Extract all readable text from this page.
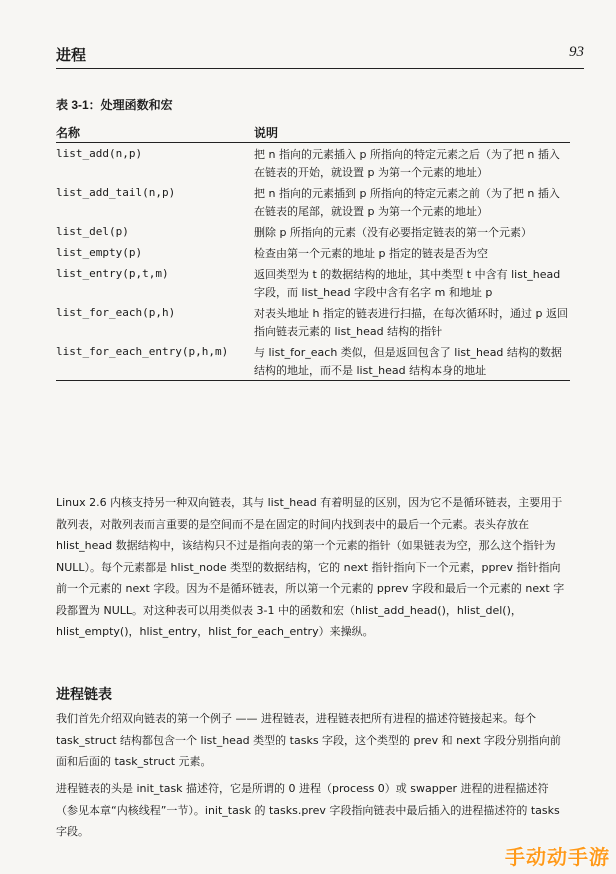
进程	93
表 3-1：处理函数和宏
名称	说明
list_add(n,p)	把 n 指向的元素插入 p 所指向的特定元素之后（为了把 n 插入在链表的开始，就设置 p 为第一个元素的地址）
list_add_tail(n,p)	把 n 指向的元素插到 p 所指向的特定元素之前（为了把 n 插入在链表的尾部，就设置 p 为第一个元素的地址）
list_del(p)	删除 p 所指向的元素（没有必要指定链表的第一个元素）
list_empty(p)	检查由第一个元素的地址 p 指定的链表是否为空
list_entry(p,t,m)	返回类型为 t 的数据结构的地址，其中类型 t 中含有 list_head 字段，而 list_head 字段中含有名字 m 和地址 p
list_for_each(p,h)	对表头地址 h 指定的链表进行扫描，在每次循环时，通过 p 返回指向链表元素的 list_head 结构的指针
list_for_each_entry(p,h,m) 与 list_for_each 类似，但是返回包含了 list_head 结构的数据结构的地址，而不是 list_head 结构本身的地址

Linux 2.6 内核支持另一种双向链表，其与 list_head 有着明显的区别，因为它不是循环链表，主要用于散列表，对散列表而言重要的是空间而不是在固定的时间内找到表中的最后一个元素。表头存放在 hlist_head 数据结构中，该结构只不过是指向表的第一个元素的指针（如果链表为空，那么这个指针为 NULL）。每个元素都是 hlist_node 类型的数据结构，它的 next 指针指向下一个元素，pprev 指针指向前一个元素的 next 字段。因为不是循环链表，所以第一个元素的 pprev 字段和最后一个元素的 next 字段都置为 NULL。对这种表可以用类似表 3-1 中的函数和宏（hlist_add_head()，hlist_del()，hlist_empty()，hlist_entry，hlist_for_each_entry）来操纵。

进程链表

我们首先介绍双向链表的第一个例子 —— 进程链表，进程链表把所有进程的描述符链接起来。每个 task_struct 结构都包含一个 list_head 类型的 tasks 字段，这个类型的 prev 和 next 字段分别指向前面和后面的 task_struct 元素。

进程链表的头是 init_task 描述符，它是所谓的 0 进程（process 0）或 swapper 进程的进程描述符（参见本章“内核线程”一节）。init_task 的 tasks.prev 字段指向链表中最后插入的进程描述符的 tasks 字段。

手动动手游
